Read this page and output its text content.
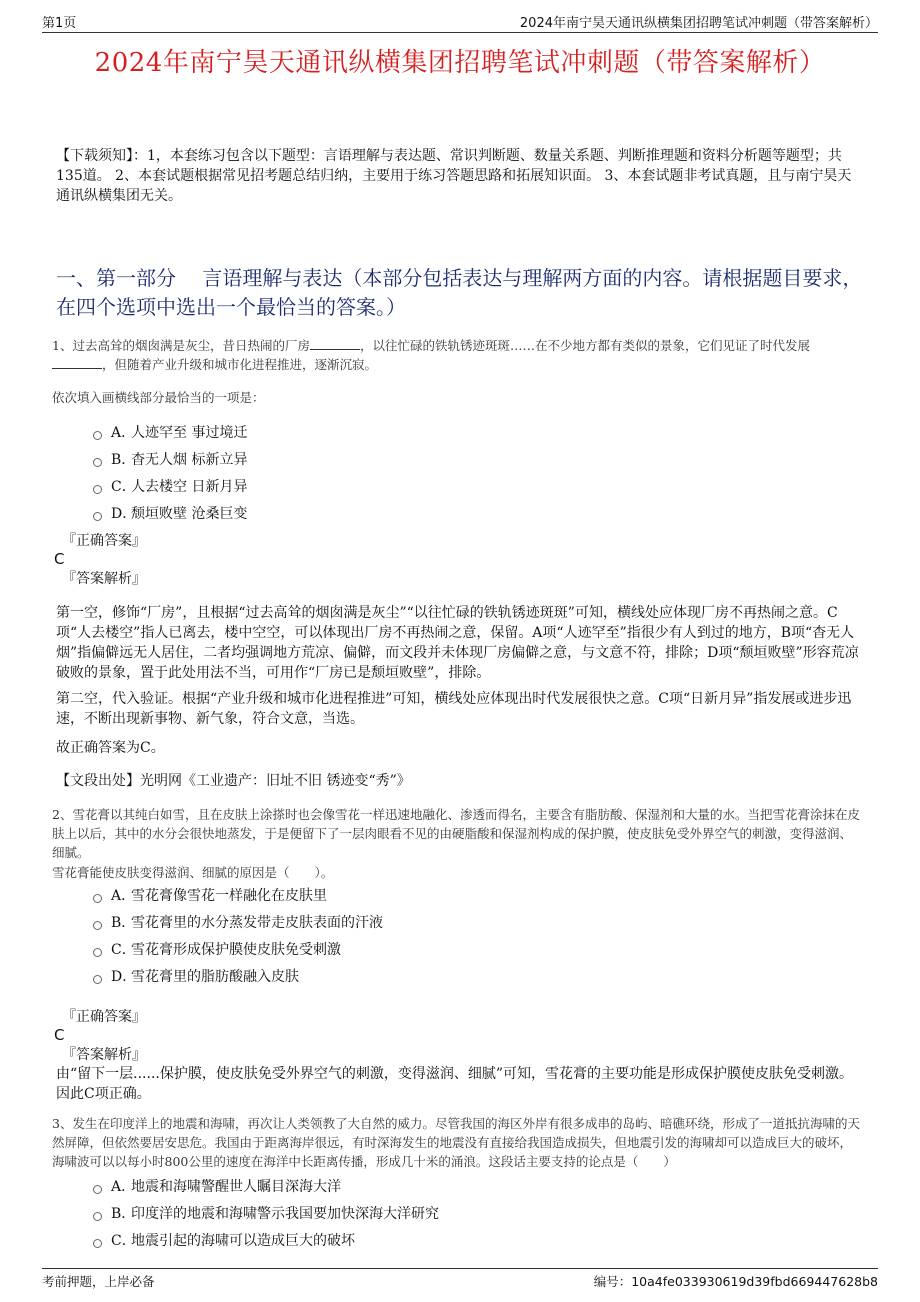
第1页	2024年南宁昊天通讯纵横集团招聘笔试冲刺题（带答案解析）
2024年南宁昊天通讯纵横集团招聘笔试冲刺题（带答案解析）
【下载须知】：1，本套练习包含以下题型：言语理解与表达题、常识判断题、数量关系题、判断推理题和资料分析题等题型；共135道。 2、本套试题根据常见招考题总结归纳，主要用于练习答题思路和拓展知识面。 3、本套试题非考试真题，且与南宁昊天通讯纵横集团无关。
一、第一部分　 言语理解与表达（本部分包括表达与理解两方面的内容。请根据题目要求，在四个选项中选出一个最恰当的答案。）
1、过去高耸的烟囱满是灰尘，昔日热闹的厂房	，以往忙碌的铁轨锈迹斑斑……在不少地方都有类似的景象，它们见证了时代发展
，但随着产业升级和城市化进程推进，逐渐沉寂。
依次填入画横线部分最恰当的一项是：
A．
人迹罕至 事过境迁
B．
杳无人烟 标新立异
C．
人去楼空 日新月异
D．
颓垣败壁 沧桑巨变
『正确答案』
C
『答案解析』
第一空，修饰“厂房”，且根据“过去高耸的烟囱满是灰尘”“以往忙碌的铁轨锈迹斑斑”可知，横线处应体现厂房不再热闹之意。C项“人去楼空”指人已离去，楼中空空，可以体现出厂房不再热闹之意，保留。A项“人迹罕至”指很少有人到过的地方，B项“杳无人烟”指偏僻远无人居住，二者均强调地方荒凉、偏僻，而文段并未体现厂房偏僻之意，与文意不符，排除；D项“颓垣败壁”形容荒凉破败的景象，置于此处用法不当，可用作“厂房已是颓垣败壁”，排除。
第二空，代入验证。根据“产业升级和城市化进程推进”可知，横线处应体现出时代发展很快之意。C项“日新月异”指发展或进步迅速，不断出现新事物、新气象，符合文意，当选。
故正确答案为C。
【文段出处】光明网《工业遗产：旧址不旧 锈迹变“秀”》
2、雪花膏以其纯白如雪，且在皮肤上涂搽时也会像雪花一样迅速地融化、渗透而得名，主要含有脂肪酸、保湿剂和大量的水。当把雪花膏涂抹在皮肤上以后，其中的水分会很快地蒸发，于是便留下了一层肉眼看不见的由硬脂酸和保湿剂构成的保护膜，使皮肤免受外界空气的刺激，变得滋润、细腻。
雪花膏能使皮肤变得滋润、细腻的原因是（　　）。
A．
雪花膏像雪花一样融化在皮肤里
B．
雪花膏里的水分蒸发带走皮肤表面的汗液
C．
雪花膏形成保护膜使皮肤免受刺激
D．
雪花膏里的脂肪酸融入皮肤
『正确答案』
C
『答案解析』
由“留下一层......保护膜，使皮肤免受外界空气的刺激，变得滋润、细腻”可知，雪花膏的主要功能是形成保护膜使皮肤免受刺激。因此C项正确。
3、发生在印度洋上的地震和海啸，再次让人类领教了大自然的威力。尽管我国的海区外岸有很多成串的岛屿、暗礁环绕，形成了一道抵抗海啸的天然屏障，但依然要居安思危。我国由于距离海岸很远，有时深海发生的地震没有直接给我国造成损失，但地震引发的海啸却可以造成巨大的破坏，海啸波可以以每小时800公里的速度在海洋中长距离传播，形成几十米的涌浪。这段话主要支持的论点是（　　）
A．
地震和海啸警醒世人瞩目深海大洋
B．
印度洋的地震和海啸警示我国要加快深海大洋研究
C．
地震引起的海啸可以造成巨大的破坏
考前押题，上岸必备	编号：10a4fe033930619d39fbd669447628b8
